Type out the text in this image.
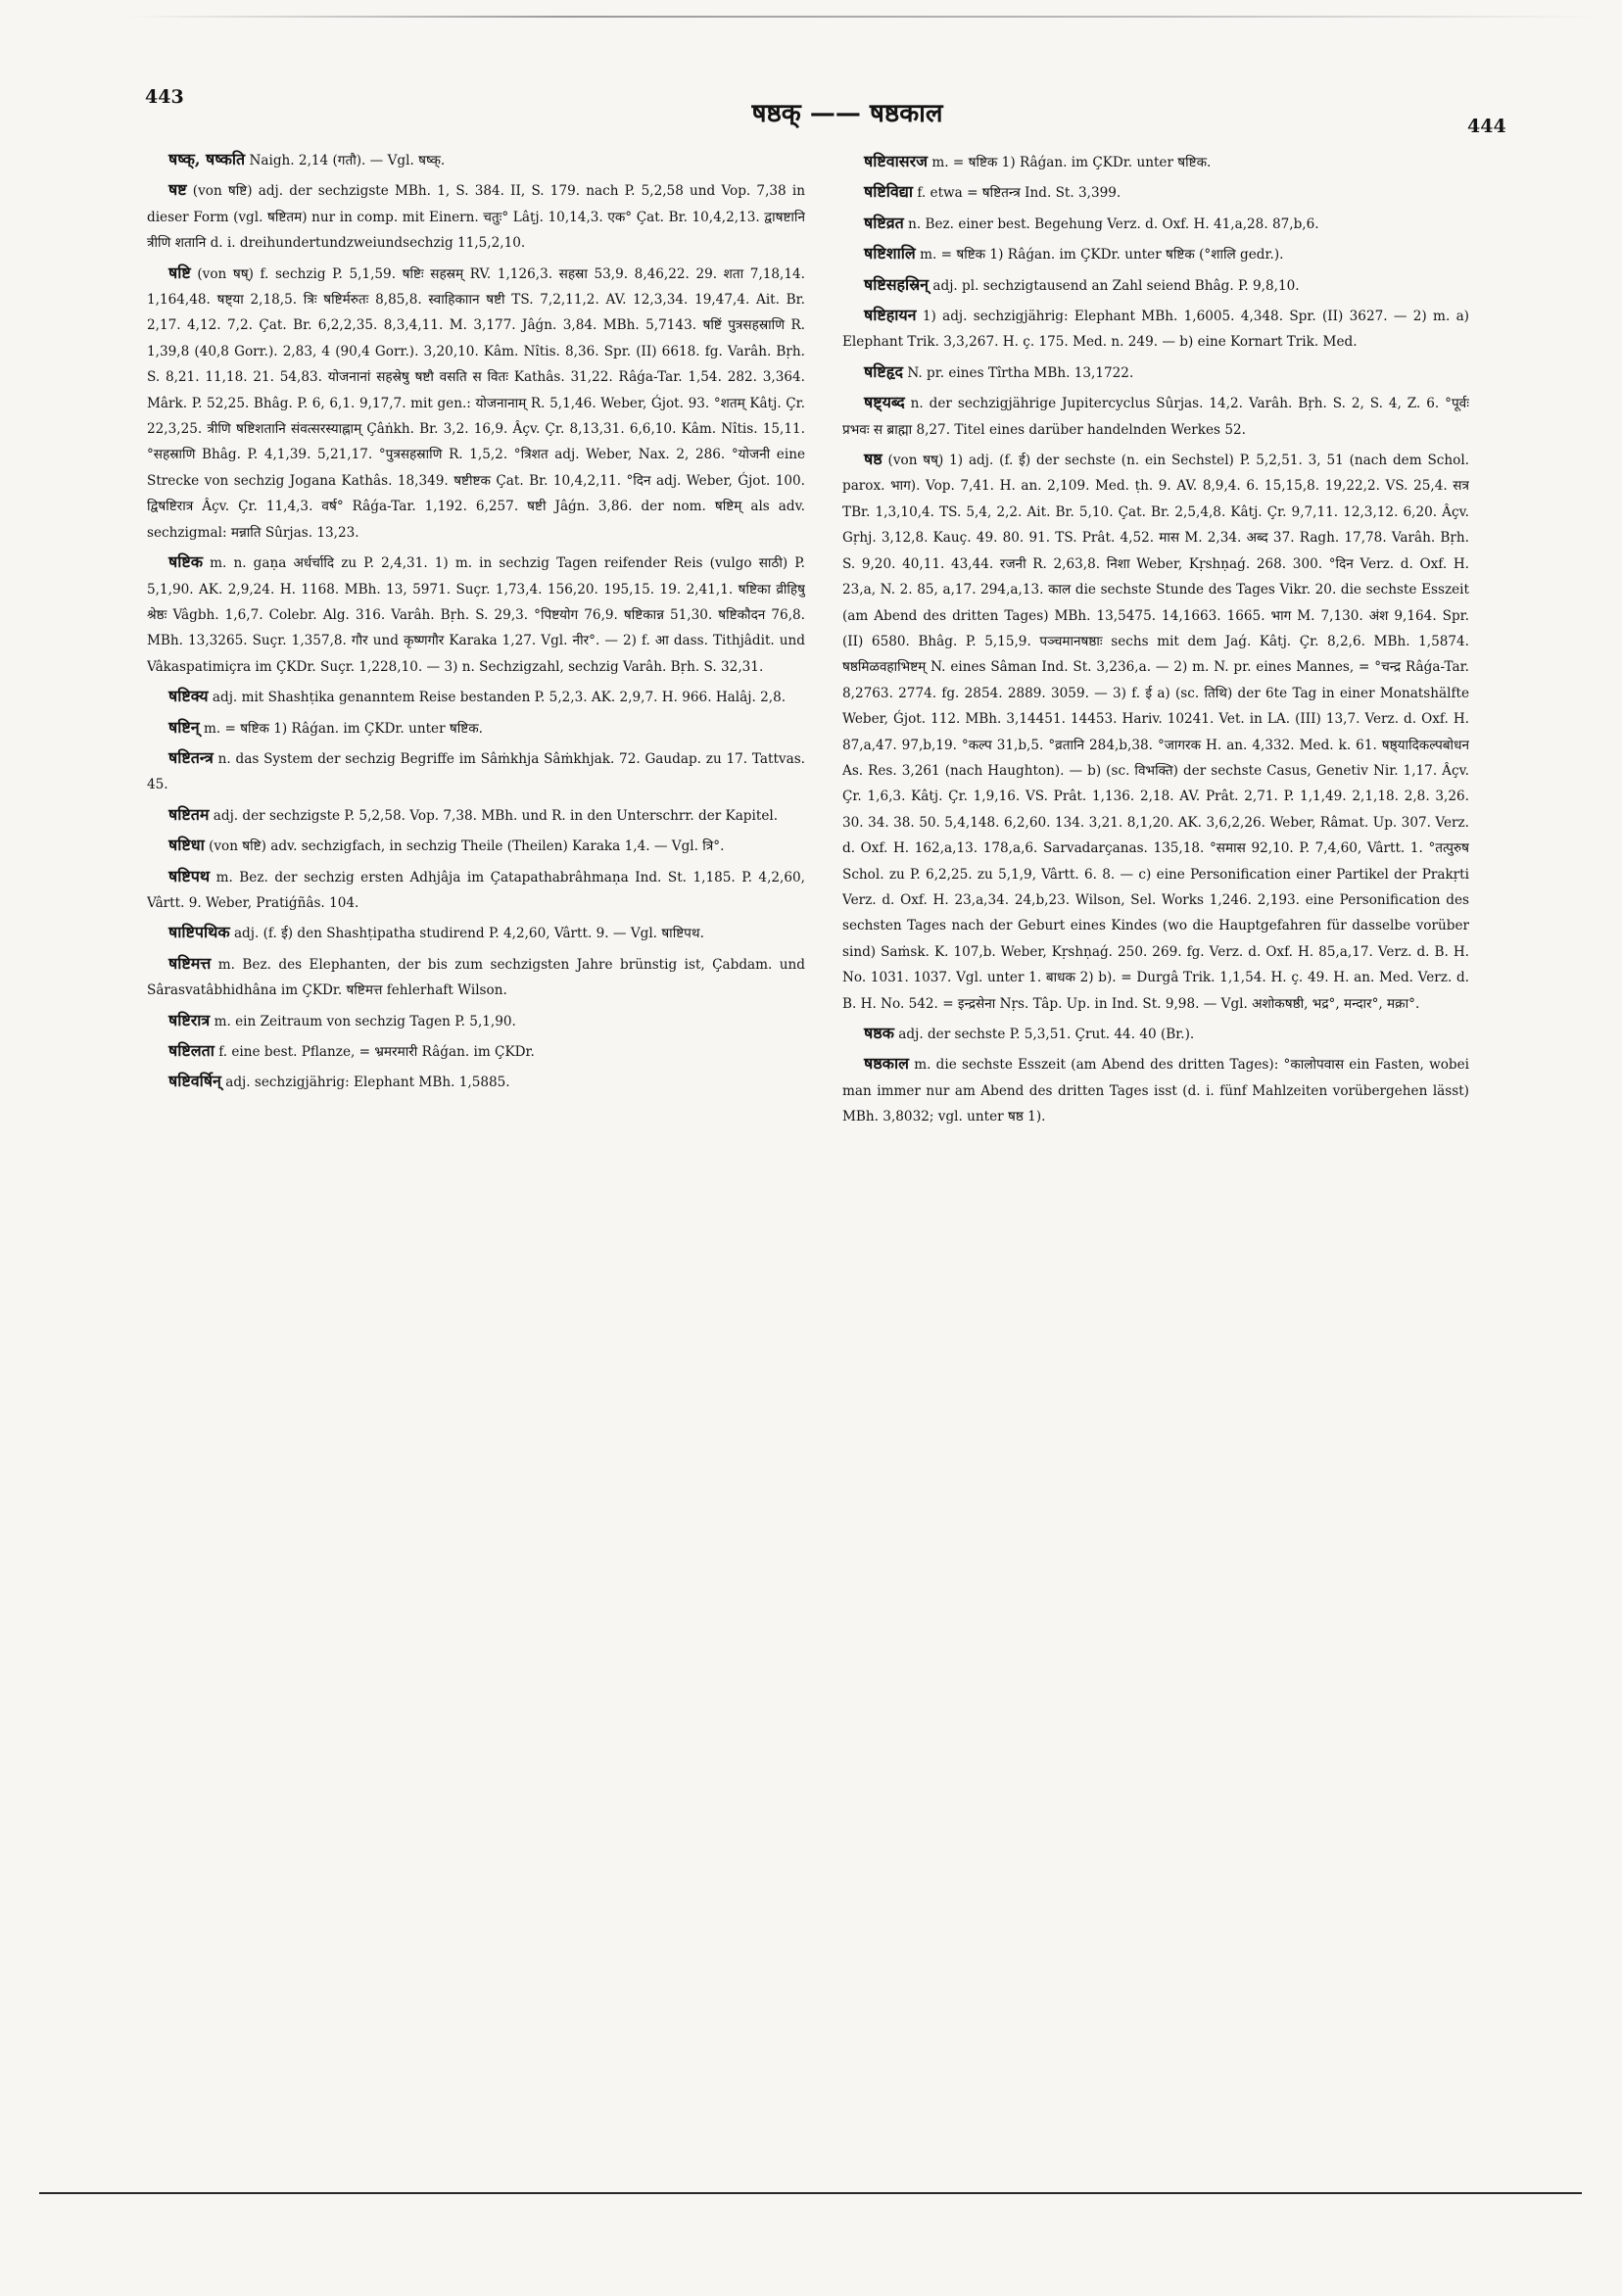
443
षष्ठक् —— षष्ठकाल	444

षष्क्, षष्कति Naigh. 2,14 (गतौ). — Vgl. षष्क्.

षष्ट (von षष्टि) adj. der sechzigste MBh. 1, S. 384. II, S. 179. nach P. 5,2,58 und Vop. 7,38 in dieser Form (vgl. षष्टितम) nur in comp. mit Einern. चतुः° Lâṭj. 10,14,3. एक° Çat. Br. 10,4,2,13. द्वाषष्टानि त्रीणि शतानि d. i. dreihundertundzweiundsechzig 11,5,2,10.

षष्टि (von षष्) f. sechzig P. 5,1,59. षष्टिः सहस्रम् RV. 1,126,3. सहस्रा 53,9. 8,46,22. 29. शता 7,18,14. 1,164,48. षष्ट्या 2,18,5. त्रिः षष्टिर्मरुतः 8,85,8. स्वाहिकाान षष्टी TS. 7,2,11,2. AV. 12,3,34. 19,47,4. Ait. Br. 2,17. 4,12. 7,2. Çat. Br. 6,2,2,35. 8,3,4,11. M. 3,177. Jâǵn. 3,84. MBh. 5,7143. षष्टिं पुत्रसहस्राणि R. 1,39,8 (40,8 Gorr.). 2,83, 4 (90,4 Gorr.). 3,20,10. Kâm. Nîtis. 8,36. Spr. (II) 6618. fg. Varâh. Bṛh. S. 8,21. 11,18. 21. 54,83. योजनानां सहस्रेषु षष्टौ वसति स वितः Kathâs. 31,22. Râǵa-Tar. 1,54. 282. 3,364. Mârk. P. 52,25. Bhâg. P. 6, 6,1. 9,17,7. mit gen.: योजनानाम् R. 5,1,46. Weber, Ǵjot. 93. °शतम् Kâtj. Çr. 22,3,25. त्रीणि षष्टिशतानि संवत्सरस्याह्नाम् Çâṅkh. Br. 3,2. 16,9. Âçv. Çr. 8,13,31. 6,6,10. Kâm. Nîtis. 15,11. °सहस्राणि Bhâg. P. 4,1,39. 5,21,17. °पुत्रसहस्राणि R. 1,5,2. °त्रिशत adj. Weber, Nax. 2, 286. °योजनी eine Strecke von sechzig Jogana Kathâs. 18,349. षष्टीष्टक Çat. Br. 10,4,2,11. °दिन adj. Weber, Ǵjot. 100. द्विषष्टिरात्र Âçv. Çr. 11,4,3. वर्ष° Râǵa-Tar. 1,192. 6,257. षष्टी Jâǵn. 3,86. der nom. षष्टिम् als adv. sechzigmal: मन्नाति Sûrjas. 13,23.

षष्टिक m. n. gaṇa अर्धर्चादि zu P. 2,4,31. 1) m. in sechzig Tagen reifender Reis (vulgo साठी) P. 5,1,90. AK. 2,9,24. H. 1168. MBh. 13, 5971. Suçr. 1,73,4. 156,20. 195,15. 19. 2,41,1. षष्टिका व्रीहिषु श्रेष्ठः Vâgbh. 1,6,7. Colebr. Alg. 316. Varâh. Bṛh. S. 29,3. °पिष्टयोग 76,9. षष्टिकान्न 51,30. षष्टिकौदन 76,8. MBh. 13,3265. Suçr. 1,357,8. गौर und कृष्णगौर Karaka 1,27. Vgl. नीर°. — 2) f. आ dass. Tithjâdit. und Vâkaspatimiçra im ÇKDr. Suçr. 1,228,10. — 3) n. Sechzigzahl, sechzig Varâh. Bṛh. S. 32,31.

षष्टिक्य adj. mit Shashṭika genanntem Reise bestanden P. 5,2,3. AK. 2,9,7. H. 966. Halâj. 2,8.

षष्टिन् m. = षष्टिक 1) Râǵan. im ÇKDr. unter षष्टिक.

षष्टितन्त्र n. das System der sechzig Begriffe im Sâṁkhja Sâṁkhjak. 72. Gaudap. zu 17. Tattvas. 45.

षष्टितम adj. der sechzigste P. 5,2,58. Vop. 7,38. MBh. und R. in den Unterschrr. der Kapitel.

षष्टिधा (von षष्टि) adv. sechzigfach, in sechzig Theile (Theilen) Karaka 1,4. — Vgl. त्रि°.

षष्टिपथ m. Bez. der sechzig ersten Adhjâja im Çatapathabrâhmaṇa Ind. St. 1,185. P. 4,2,60, Vârtt. 9. Weber, Pratiǵñâs. 104.

षाष्टिपथिक adj. (f. ई) den Shashṭipatha studirend P. 4,2,60, Vârtt. 9. — Vgl. षाष्टिपथ.

षष्टिमत्त m. Bez. des Elephanten, der bis zum sechzigsten Jahre brünstig ist, Çabdam. und Sârasvatâbhidhâna im ÇKDr. षष्टिमत्त fehlerhaft Wilson.

षष्टिरात्र m. ein Zeitraum von sechzig Tagen P. 5,1,90.

षष्टिलता f. eine best. Pflanze, = भ्रमरमारी Râǵan. im ÇKDr.

षष्टिवर्षिन् adj. sechzigjährig: Elephant MBh. 1,5885.

षष्टिवासरज m. = षष्टिक 1) Râǵan. im ÇKDr. unter षष्टिक.

षष्टिविद्या f. etwa = षष्टितन्त्र Ind. St. 3,399.

षष्टिव्रत n. Bez. einer best. Begehung Verz. d. Oxf. H. 41,a,28. 87,b,6.

षष्टिशालि m. = षष्टिक 1) Râǵan. im ÇKDr. unter षष्टिक (°शालि gedr.).

षष्टिसहस्रिन् adj. pl. sechzigtausend an Zahl seiend Bhâg. P. 9,8,10.

षष्टिहायन 1) adj. sechzigjährig: Elephant MBh. 1,6005. 4,348. Spr. (II) 3627. — 2) m. a) Elephant Trik. 3,3,267. H. ç. 175. Med. n. 249. — b) eine Kornart Trik. Med.

षष्टिहृद N. pr. eines Tîrtha MBh. 13,1722.

षष्ट्यब्द n. der sechzigjährige Jupitercyclus Sûrjas. 14,2. Varâh. Bṛh. S. 2, S. 4, Z. 6. °पूर्वः प्रभवः स ब्राह्मा 8,27. Titel eines darüber handelnden Werkes 52.

षष्ठ (von षष्) 1) adj. (f. ई) der sechste (n. ein Sechstel) P. 5,2,51. 3, 51 (nach dem Schol. parox. भाग). Vop. 7,41. H. an. 2,109. Med. ṭh. 9. AV. 8,9,4. 6. 15,15,8. 19,22,2. VS. 25,4. सत्र TBr. 1,3,10,4. TS. 5,4, 2,2. Ait. Br. 5,10. Çat. Br. 2,5,4,8. Kâtj. Çr. 9,7,11. 12,3,12. 6,20. Âçv. Gṛhj. 3,12,8. Kauç. 49. 80. 91. TS. Prât. 4,52. मास M. 2,34. अब्द 37. Ragh. 17,78. Varâh. Bṛh. S. 9,20. 40,11. 43,44. रजनी R. 2,63,8. निशा Weber, Kṛshṇaǵ. 268. 300. °दिन Verz. d. Oxf. H. 23,a, N. 2. 85, a,17. 294,a,13. काल die sechste Stunde des Tages Vikr. 20. die sechste Esszeit (am Abend des dritten Tages) MBh. 13,5475. 14,1663. 1665. भाग M. 7,130. अंश 9,164. Spr. (II) 6580. Bhâg. P. 5,15,9. पञ्चमानषष्ठाः sechs mit dem Jaǵ. Kâtj. Çr. 8,2,6. MBh. 1,5874. षष्ठमिळवहाभिष्टम् N. eines Sâman Ind. St. 3,236,a. — 2) m. N. pr. eines Mannes, = °चन्द्र Râǵa-Tar. 8,2763. 2774. fg. 2854. 2889. 3059. — 3) f. ई a) (sc. तिथि) der 6te Tag in einer Monatshälfte Weber, Ǵjot. 112. MBh. 3,14451. 14453. Hariv. 10241. Vet. in LA. (III) 13,7. Verz. d. Oxf. H. 87,a,47. 97,b,19. °कल्प 31,b,5. °व्रतानि 284,b,38. °जागरक H. an. 4,332. Med. k. 61. षष्ठ्यादिकल्पबोधन As. Res. 3,261 (nach Haughton). — b) (sc. विभक्ति) der sechste Casus, Genetiv Nir. 1,17. Âçv. Çr. 1,6,3. Kâtj. Çr. 1,9,16. VS. Prât. 1,136. 2,18. AV. Prât. 2,71. P. 1,1,49. 2,1,18. 2,8. 3,26. 30. 34. 38. 50. 5,4,148. 6,2,60. 134. 3,21. 8,1,20. AK. 3,6,2,26. Weber, Râmat. Up. 307. Verz. d. Oxf. H. 162,a,13. 178,a,6. Sarvadarçanas. 135,18. °समास 92,10. P. 7,4,60, Vârtt. 1. °तत्पुरुष Schol. zu P. 6,2,25. zu 5,1,9, Vârtt. 6. 8. — c) eine Personification einer Partikel der Prakṛti Verz. d. Oxf. H. 23,a,34. 24,b,23. Wilson, Sel. Works 1,246. 2,193. eine Personification des sechsten Tages nach der Geburt eines Kindes (wo die Hauptgefahren für dasselbe vorüber sind) Saṁsk. K. 107,b. Weber, Kṛshṇaǵ. 250. 269. fg. Verz. d. Oxf. H. 85,a,17. Verz. d. B. H. No. 1031. 1037. Vgl. unter 1. बाधक 2) b). = Durgâ Trik. 1,1,54. H. ç. 49. H. an. Med. Verz. d. B. H. No. 542. = इन्द्रसेना Nṛs. Tâp. Up. in Ind. St. 9,98. — Vgl. अशोकषष्ठी, भद्र°, मन्दार°, मक्रा°.

षष्ठक adj. der sechste P. 5,3,51. Çrut. 44. 40 (Br.).

षष्ठकाल m. die sechste Esszeit (am Abend des dritten Tages): °कालोपवास ein Fasten, wobei man immer nur am Abend des dritten Tages isst (d. i. fünf Mahlzeiten vorübergehen lässt) MBh. 3,8032; vgl. unter षष्ठ 1).
